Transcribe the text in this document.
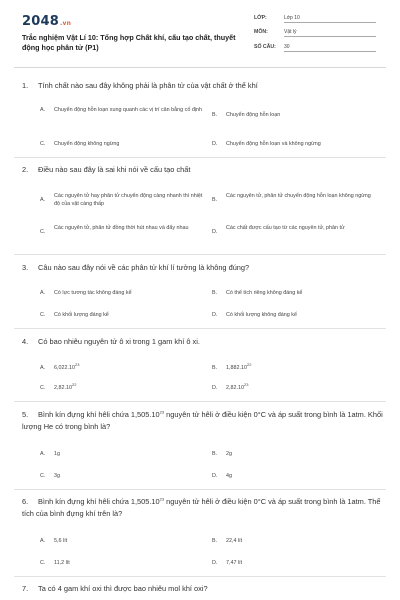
2048.vn
Trắc nghiệm Vật Lí 10: Tổng hợp Chất khí, cấu tạo chất, thuyết động học phân tử (P1)
LỚP:	Lớp 10
MÔN:	Vật lý
SỐ CÂU: 30
1. Tính chất nào sau đây không phải là phân tử của vật chất ở thể khí
A. Chuyển động hỗn loạn xung quanh các vị trí cân bằng cố định
B. Chuyển động hỗn loạn
C. Chuyển động không ngừng	D. Chuyển động hỗn loạn và không ngừng
2. Điều nào sau đây là sai khi nói về cấu tạo chất
A.
Các nguyên tử hay phân tử chuyển động càng nhanh thì nhiệt độ của vật càng thấp
B.
Các nguyên tử, phân tử chuyển động hỗn loạn không ngừng
C.
Các nguyên tử, phân tử đồng thời hút nhau và đẩy nhau
D.
Các chất được cấu tạo từ các nguyên tử, phân tử
3. Câu nào sau đây nói về các phân tử khí lí tưởng là không đúng?
A. Có lực tương tác không đáng kể	B. Có thể tích riêng không đáng kể
C. Có khối lượng đáng kể	D. Có khối lượng không đáng kể
4. Có bao nhiêu nguyên tử ô xi trong 1 gam khí ô xi.
A. 6,022.10$^{23}$
B. 1,882.10$^{22}$
C. 2,82.10$^{22}$
D. 2,82.10$^{23}$
5. Bình kín đựng khí hêli chứa 1,505.10$^{23}$ nguyên tử hêli ở điều kiện 0°C và áp suất trong bình là 1atm. Khối lượng He có trong bình là?
A. 1g	B. 2g
C. 3g	D. 4g
6. Bình kín đựng khí hêli chứa 1,505.10$^{23}$ nguyên tử hêli ở điều kiện 0°C và áp suất trong bình là 1atm. Thể tích của bình đựng khí trên là?
A. 5,6 lít	B. 22,4 lít
C. 11,2 lít	D. 7,47 lít
7. Ta có 4 gam khí oxi thì được bao nhiêu mol khí oxi?
